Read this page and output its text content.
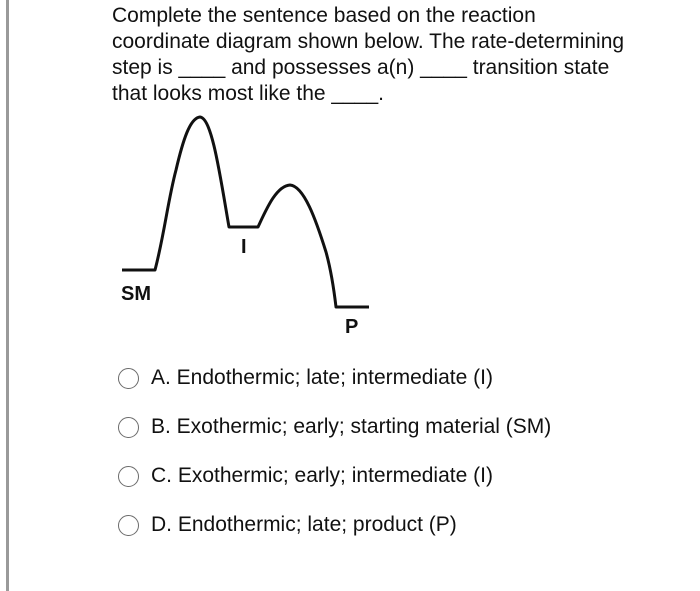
Complete the sentence based on the reaction
coordinate diagram shown below. The rate-determining
step is ____ and possesses a(n) ____ transition state
that looks most like the ____.

SM
I
P
A. Endothermic; late; intermediate (I)
B. Exothermic; early; starting material (SM)
C. Exothermic; early; intermediate (I)
D. Endothermic; late; product (P)
